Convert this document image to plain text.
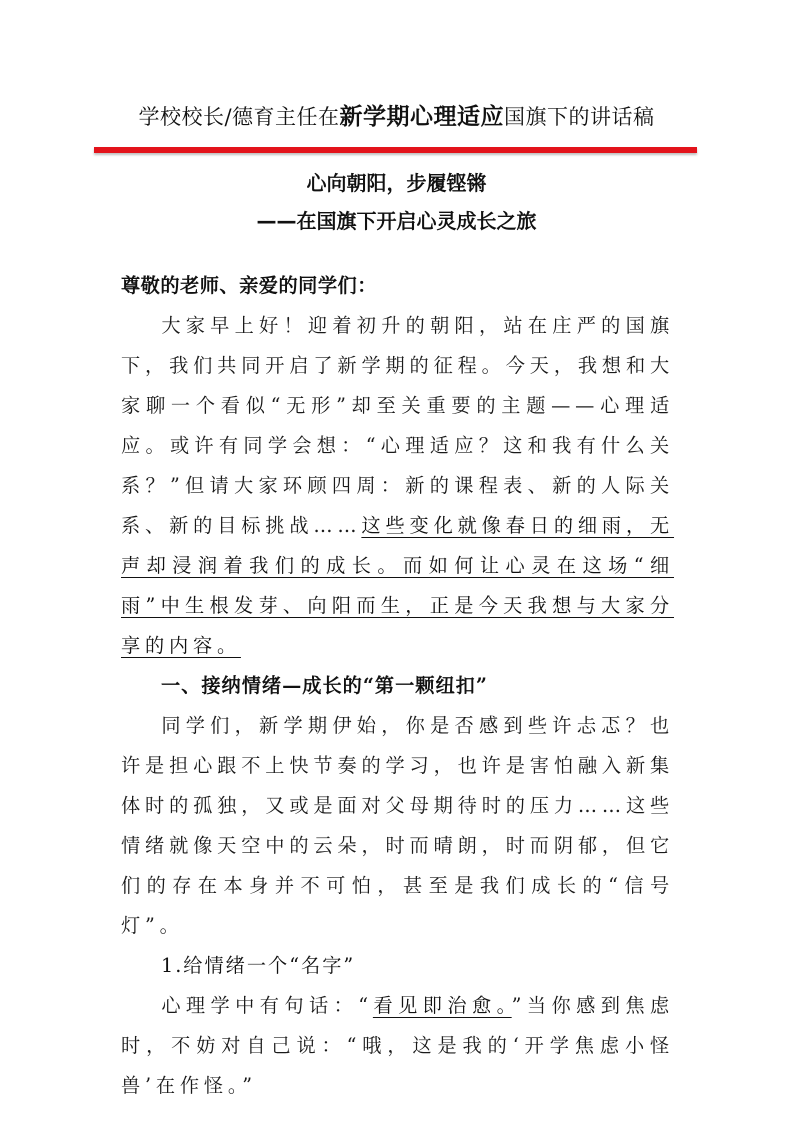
学校校长/德育主任在新学期心理适应国旗下的讲话稿
心向朝阳，步履铿锵
——在国旗下开启心灵成长之旅

尊敬的老师、亲爱的同学们：

大家早上好！迎着初升的朝阳，站在庄严的国旗下，我们共同开启了新学期的征程。今天，我想和大家聊一个看似“无形”却至关重要的主题——心理适应。或许有同学会想：“心理适应？这和我有什么关系？”但请大家环顾四周：新的课程表、新的人际关系、新的目标挑战……这些变化就像春日的细雨，无声却浸润着我们的成长。而如何让心灵在这场“细雨”中生根发芽、向阳而生，正是今天我想与大家分享的内容。

一、接纳情绪—成长的“第一颗纽扣”

同学们，新学期伊始，你是否感到些许忐忑？也许是担心跟不上快节奏的学习，也许是害怕融入新集体时的孤独，又或是面对父母期待时的压力……这些情绪就像天空中的云朵，时而晴朗，时而阴郁，但它们的存在本身并不可怕，甚至是我们成长的“信号灯”。

1.给情绪一个“名字”

心理学中有句话：“看见即治愈。”当你感到焦虑时，不妨对自己说：“哦，这是我的‘开学焦虑小怪兽’在作怪。”
